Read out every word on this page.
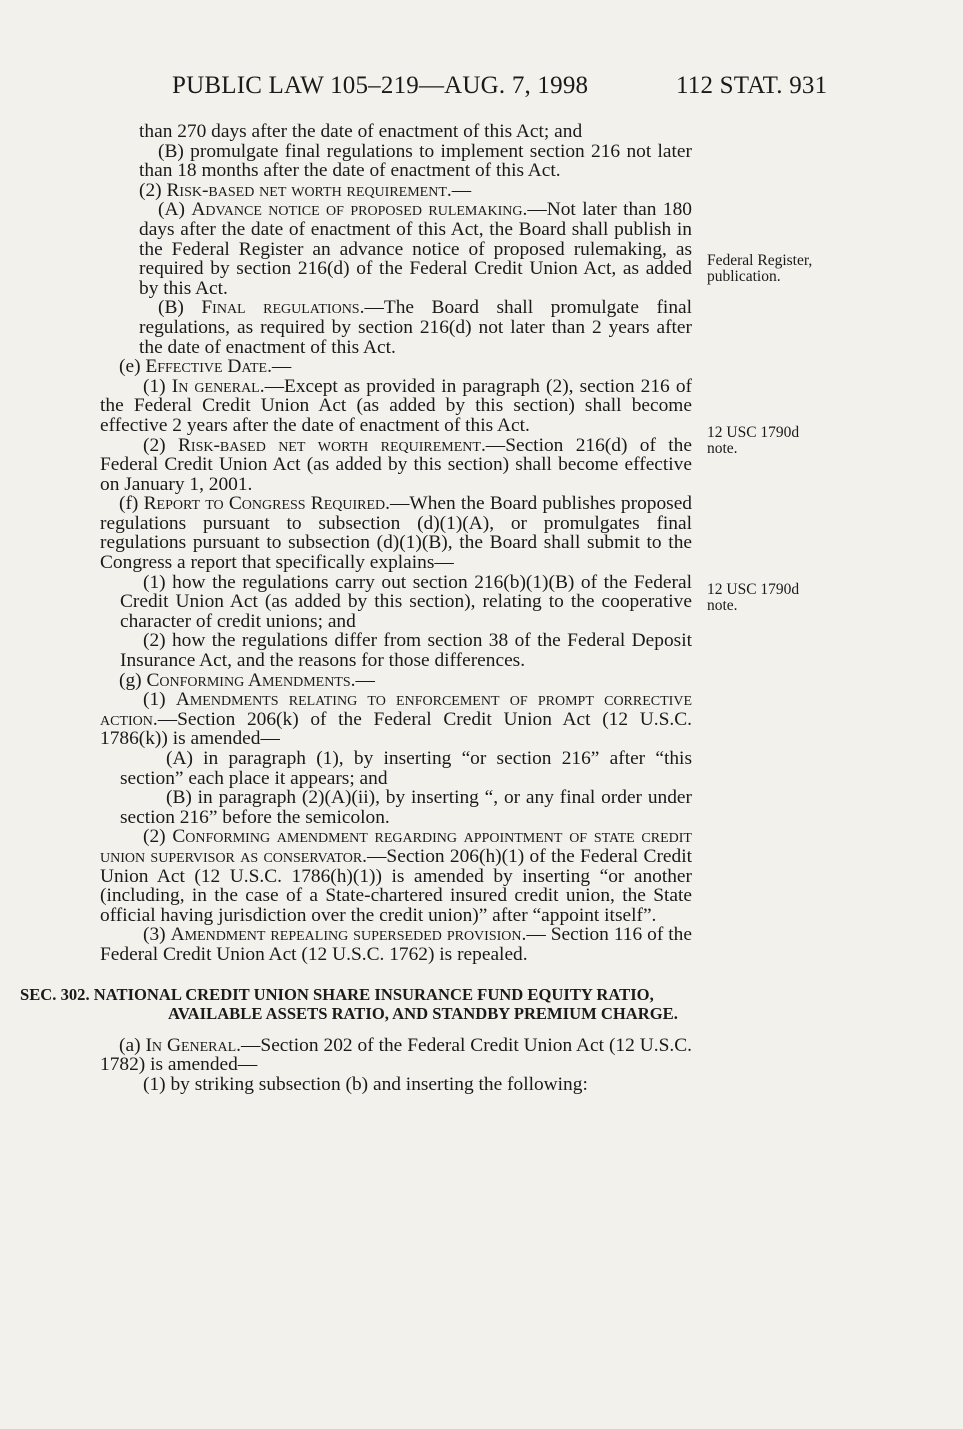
PUBLIC LAW 105–219—AUG. 7, 1998	112 STAT. 931
Federal Register,
publication.
12 USC 1790d
note.
12 USC 1790d
note.

than 270 days after the date of enactment of this Act; and

(B) promulgate final regulations to implement section 216 not later than 18 months after the date of enactment of this Act.

(2) Risk-based net worth requirement.—

(A) Advance notice of proposed rulemaking.—Not later than 180 days after the date of enactment of this Act, the Board shall publish in the Federal Register an advance notice of proposed rulemaking, as required by section 216(d) of the Federal Credit Union Act, as added by this Act.

(B) Final regulations.—The Board shall promulgate final regulations, as required by section 216(d) not later than 2 years after the date of enactment of this Act.

(e) Effective Date.—

(1) In general.—Except as provided in paragraph (2), section 216 of the Federal Credit Union Act (as added by this section) shall become effective 2 years after the date of enactment of this Act.

(2) Risk-based net worth requirement.—Section 216(d) of the Federal Credit Union Act (as added by this section) shall become effective on January 1, 2001.

(f) Report to Congress Required.—When the Board publishes proposed regulations pursuant to subsection (d)(1)(A), or promulgates final regulations pursuant to subsection (d)(1)(B), the Board shall submit to the Congress a report that specifically explains—

(1) how the regulations carry out section 216(b)(1)(B) of the Federal Credit Union Act (as added by this section), relating to the cooperative character of credit unions; and

(2) how the regulations differ from section 38 of the Federal Deposit Insurance Act, and the reasons for those differences.

(g) Conforming Amendments.—

(1) Amendments relating to enforcement of prompt corrective action.—Section 206(k) of the Federal Credit Union Act (12 U.S.C. 1786(k)) is amended—

(A) in paragraph (1), by inserting “or section 216” after “this section” each place it appears; and

(B) in paragraph (2)(A)(ii), by inserting “, or any final order under section 216” before the semicolon.

(2) Conforming amendment regarding appointment of state credit union supervisor as conservator.—Section 206(h)(1) of the Federal Credit Union Act (12 U.S.C. 1786(h)(1)) is amended by inserting “or another (including, in the case of a State-chartered insured credit union, the State official having jurisdiction over the credit union)” after “appoint itself”.

(3) Amendment repealing superseded provision.— Section 116 of the Federal Credit Union Act (12 U.S.C. 1762) is repealed.

SEC. 302. NATIONAL CREDIT UNION SHARE INSURANCE FUND EQUITY RATIO, AVAILABLE ASSETS RATIO, AND STANDBY PREMIUM CHARGE.

(a) In General.—Section 202 of the Federal Credit Union Act (12 U.S.C. 1782) is amended—

(1) by striking subsection (b) and inserting the following:
